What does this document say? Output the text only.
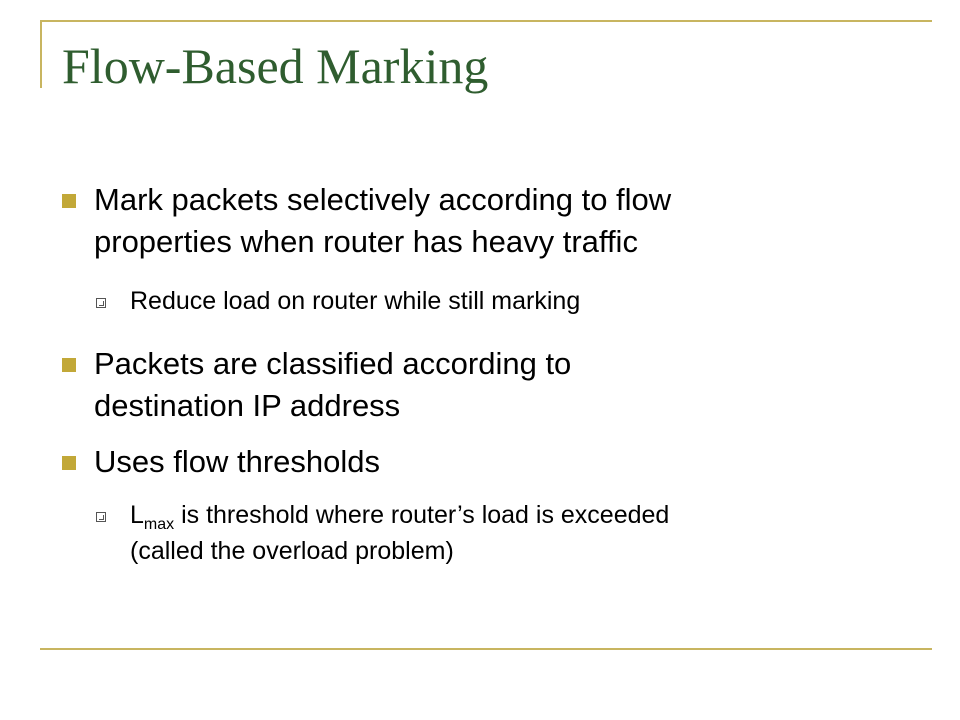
Flow-Based Marking
Mark packets selectively according to flow
properties when router has heavy traffic
Reduce load on router while still marking
Packets are classified according to
destination IP address
Uses flow thresholds
$L_{max}$ is threshold where router’s load is exceeded
(called the overload problem)
